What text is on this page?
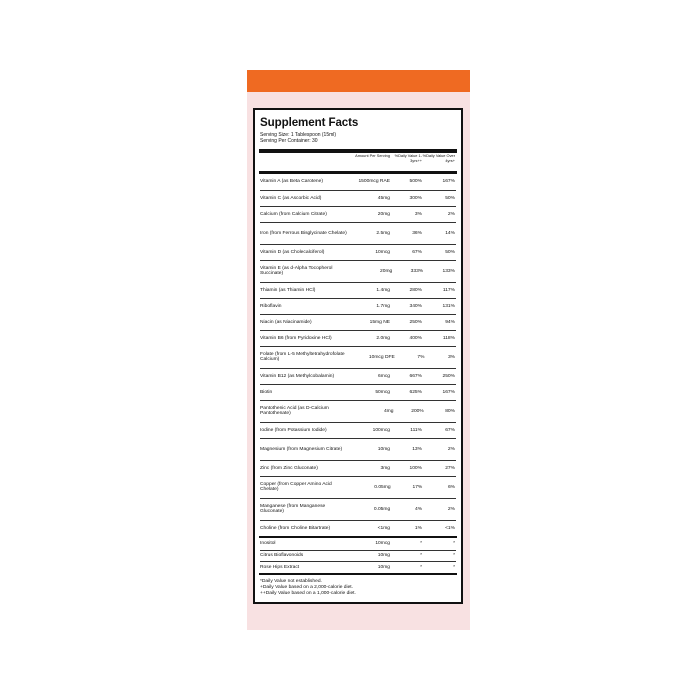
Supplement Facts
Serving Size: 1 Tablespoon (15ml)
Serving Per Container: 30
Amount Per Serving	%Daily Value 1-3yrs++
%Daily Value Over 4yrs+
Vitamin A (as Beta Carotene)	1500mcg RAE	500%	167%
Vitamin C (as Ascorbic Acid)	45mg	300%	50%
Calcium (from Calcium Citrate)	20mg	3%	2%
Iron (from Ferrous Bisglycinate Chelate)	2.5mg	36%	14%
Vitamin D (as Cholecalciferol)	10mcg	67%	50%
Vitamin E (as d-Alpha Tocopherol Succinate)
20mg	333%	133%
Thiamin (as Thiamin HCl)	1.4mg	280%	117%
Riboflavin	1.7mg	340%	131%
Niacin (as Niacinamide)	15mg NE	250%	94%
Vitamin B6 (from Pyridoxine HCl)	2.0mg	400%	118%
Folate (from L-5 Methyltetrahydrofolate Calcium)
10mcg DFE	7%	3%
Vitamin B12 (as Methylcobalamin)	6mcg	667%	250%
Biotin	50mcg	625%	167%
Pantothenic Acid (as D-Calcium Pantothenate)
4mg	200%	80%
Iodine (from Potassium Iodide)	100mcg	111%	67%
Magnesium (from Magnesium Citrate)	10mg	13%	2%
Zinc (from Zinc Gluconate)	3mg	100%	27%
Copper (from Copper Amino Acid Chelate)
0.05mg	17%	6%
Manganese (from Manganese Gluconate)
0.05mg	4%	2%
Choline (from Choline Bitartrate)	<1mg	1%	<1%
Inositol	10mcg	*	*
Citrus Bioflavonoids	10mg	*	*
Rose Hips Extract	10mg	*	*
*Daily Value not established.
+Daily Value based on a 2,000-calorie diet.
++Daily Value based on a 1,000-calorie diet.
